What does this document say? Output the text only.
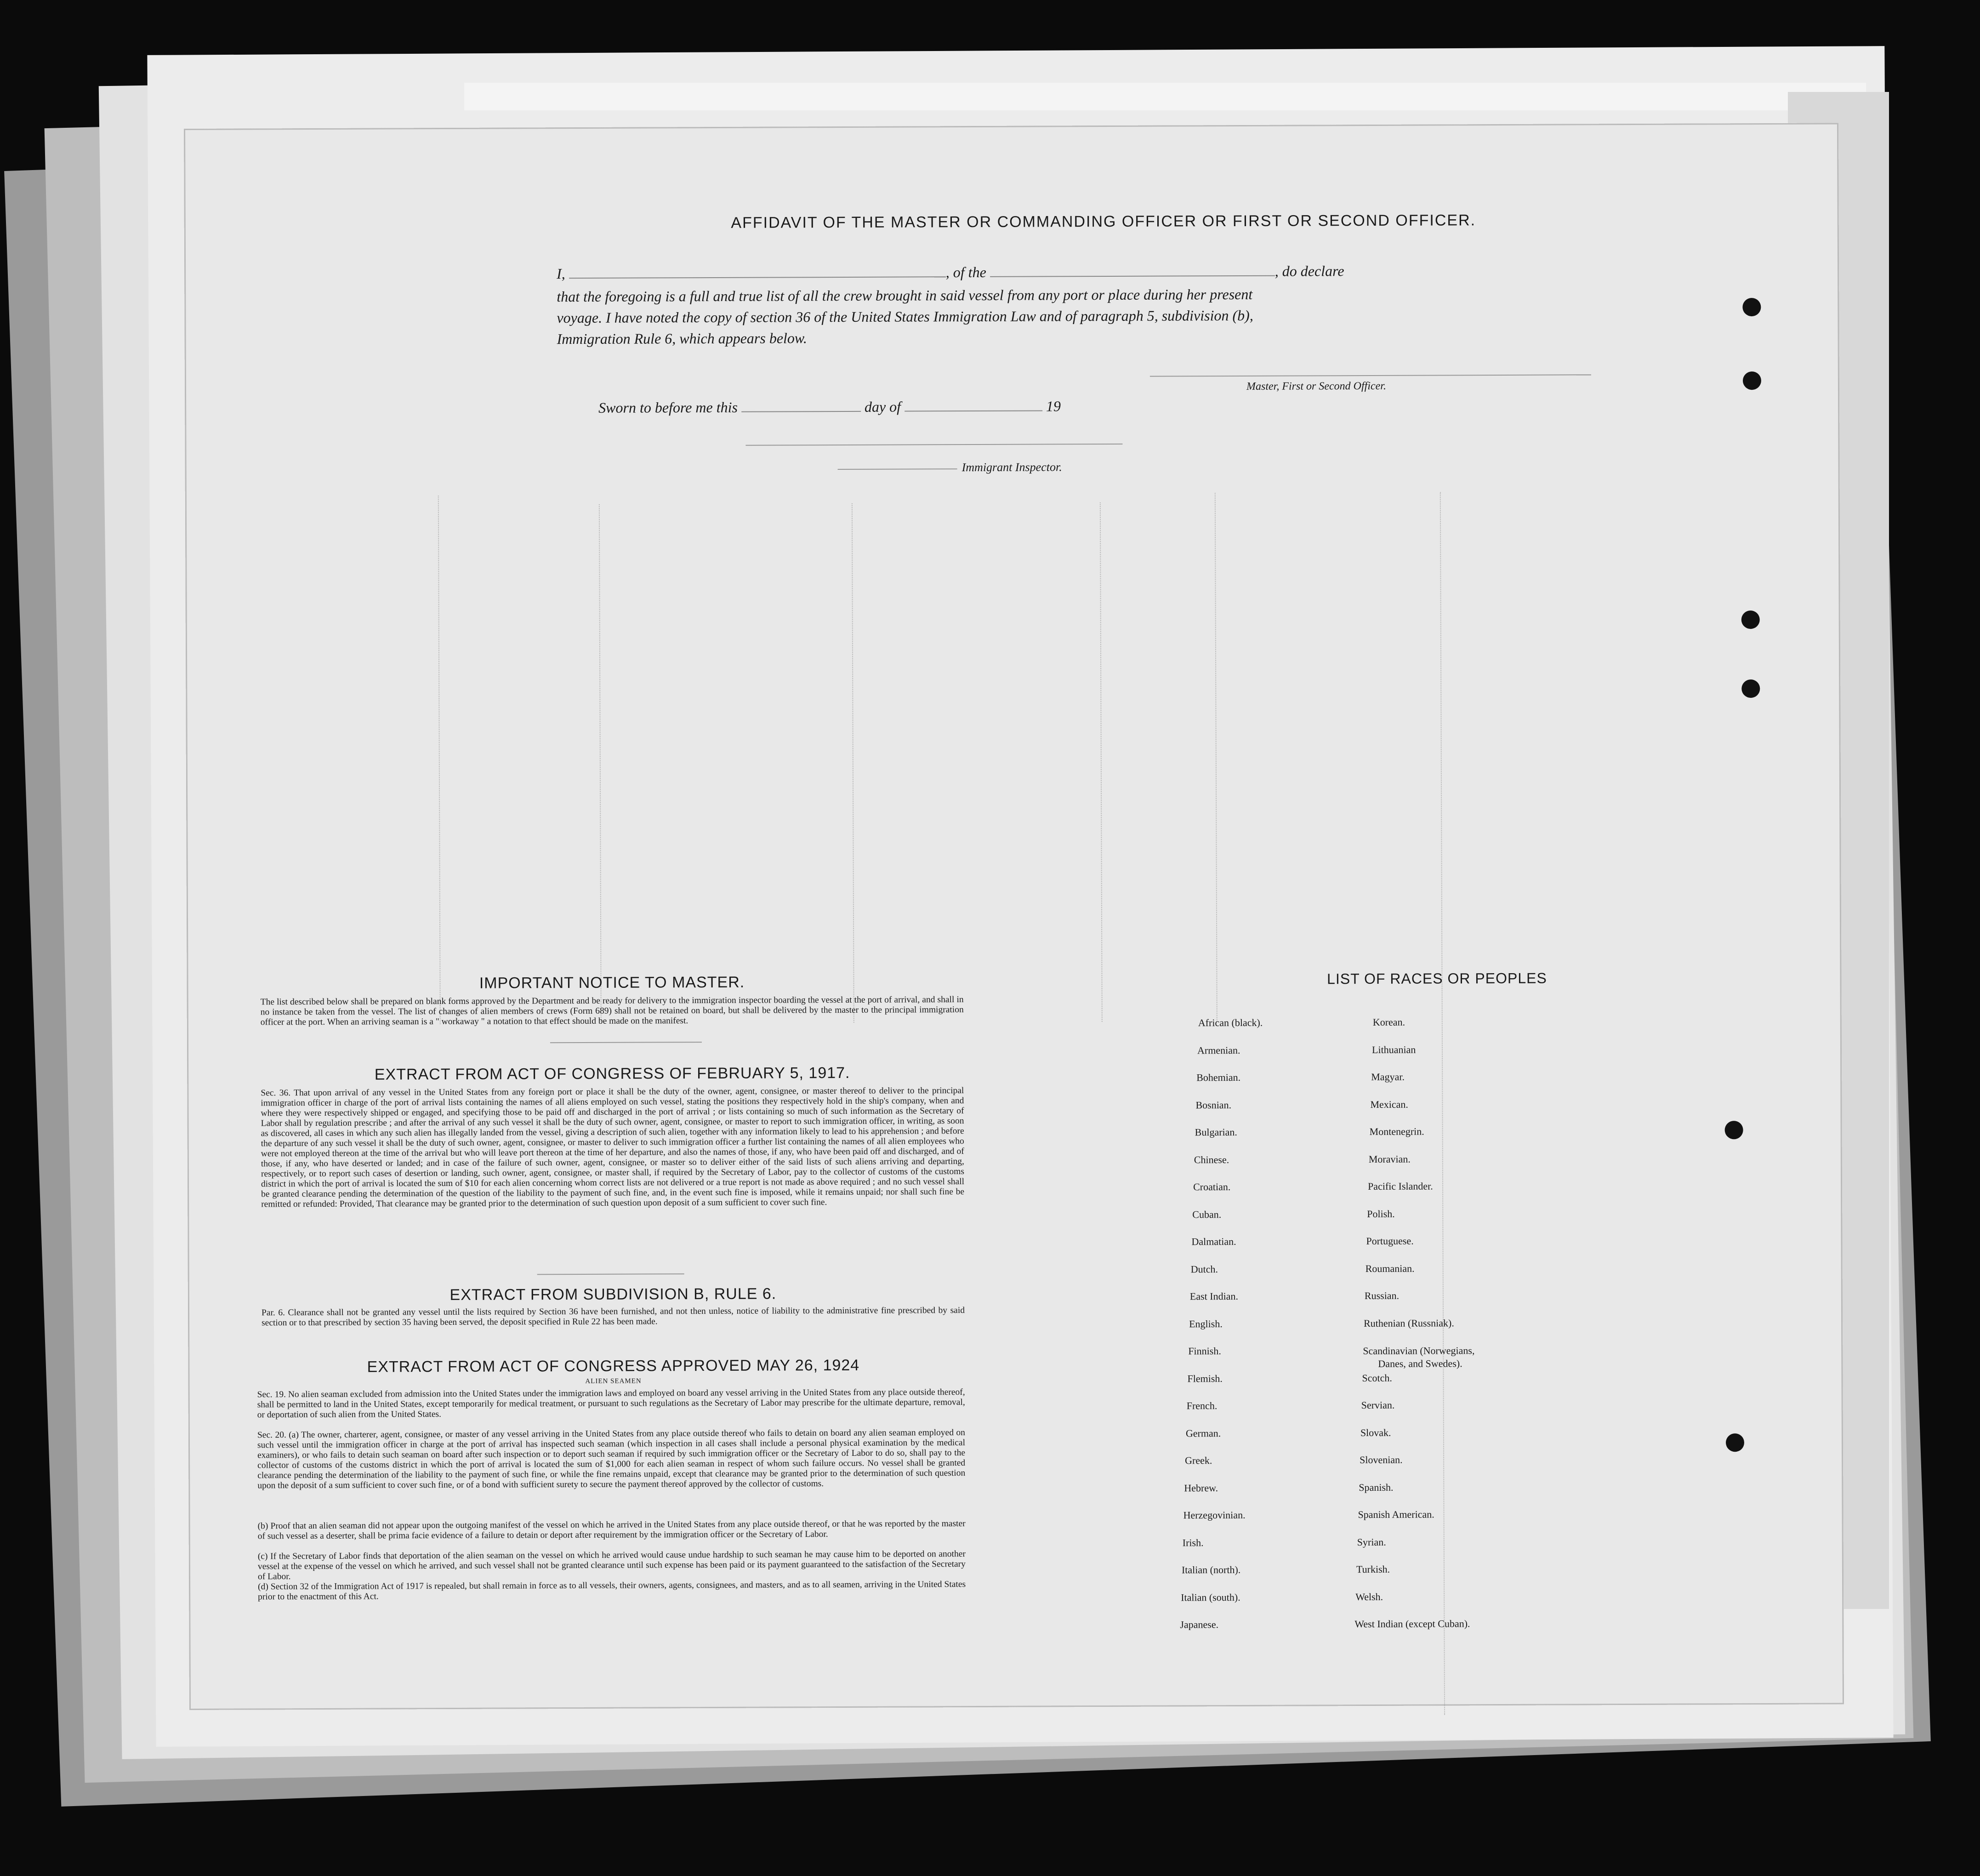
AFFIDAVIT OF THE MASTER OR COMMANDING OFFICER OR FIRST OR SECOND OFFICER.
I,	, of the	, do declare
that the foregoing is a full and true list of all the crew brought in said vessel from any port or place during her present
voyage. I have noted the copy of section 36 of the United States Immigration Law and of paragraph 5, subdivision (b),
Immigration Rule 6, which appears below.
Master, First or Second Officer.
Sworn to before me this	day of	19
Immigrant Inspector.
IMPORTANT NOTICE TO MASTER.
The list described below shall be prepared on blank forms approved by the Department and be ready for delivery to the immigration inspector boarding the vessel at the port of arrival, and shall in no instance be taken from the vessel. The list of changes of alien members of crews (Form 689) shall not be retained on board, but shall be delivered by the master to the principal immigration officer at the port. When an arriving seaman is a " workaway " a notation to that effect should be made on the manifest.
EXTRACT FROM ACT OF CONGRESS OF FEBRUARY 5, 1917.
Sec. 36. That upon arrival of any vessel in the United States from any foreign port or place it shall be the duty of the owner, agent, consignee, or master thereof to deliver to the principal immigration officer in charge of the port of arrival lists containing the names of all aliens employed on such vessel, stating the positions they respectively hold in the ship's company, when and where they were respectively shipped or engaged, and specifying those to be paid off and discharged in the port of arrival ; or lists containing so much of such information as the Secretary of Labor shall by regulation prescribe ; and after the arrival of any such vessel it shall be the duty of such owner, agent, consignee, or master to report to such immigration officer, in writing, as soon as discovered, all cases in which any such alien has illegally landed from the vessel, giving a description of such alien, together with any information likely to lead to his apprehension ; and before the departure of any such vessel it shall be the duty of such owner, agent, consignee, or master to deliver to such immigration officer a further list containing the names of all alien employees who were not employed thereon at the time of the arrival but who will leave port thereon at the time of her departure, and also the names of those, if any, who have been paid off and discharged, and of those, if any, who have deserted or landed; and in case of the failure of such owner, agent, consignee, or master so to deliver either of the said lists of such aliens arriving and departing, respectively, or to report such cases of desertion or landing, such owner, agent, consignee, or master shall, if required by the Secretary of Labor, pay to the collector of customs of the customs district in which the port of arrival is located the sum of $10 for each alien concerning whom correct lists are not delivered or a true report is not made as above required ; and no such vessel shall be granted clearance pending the determination of the question of the liability to the payment of such fine, and, in the event such fine is imposed, while it remains unpaid; nor shall such fine be remitted or refunded: Provided, That clearance may be granted prior to the determination of such question upon deposit of a sum sufficient to cover such fine.
EXTRACT FROM SUBDIVISION B, RULE 6.
Par. 6. Clearance shall not be granted any vessel until the lists required by Section 36 have been furnished, and not then unless, notice of liability to the administrative fine prescribed by said section or to that prescribed by section 35 having been served, the deposit specified in Rule 22 has been made.
EXTRACT FROM ACT OF CONGRESS APPROVED MAY 26, 1924
ALIEN SEAMEN
Sec. 19. No alien seaman excluded from admission into the United States under the immigration laws and employed on board any vessel arriving in the United States from any place outside thereof, shall be permitted to land in the United States, except temporarily for medical treatment, or pursuant to such regulations as the Secretary of Labor may prescribe for the ultimate departure, removal, or deportation of such alien from the United States.
Sec. 20. (a) The owner, charterer, agent, consignee, or master of any vessel arriving in the United States from any place outside thereof who fails to detain on board any alien seaman employed on such vessel until the immigration officer in charge at the port of arrival has inspected such seaman (which inspection in all cases shall include a personal physical examination by the medical examiners), or who fails to detain such seaman on board after such inspection or to deport such seaman if required by such immigration officer or the Secretary of Labor to do so, shall pay to the collector of customs of the customs district in which the port of arrival is located the sum of $1,000 for each alien seaman in respect of whom such failure occurs. No vessel shall be granted clearance pending the determination of the liability to the payment of such fine, or while the fine remains unpaid, except that clearance may be granted prior to the determination of such question upon the deposit of a sum sufficient to cover such fine, or of a bond with sufficient surety to secure the payment thereof approved by the collector of customs.
(b) Proof that an alien seaman did not appear upon the outgoing manifest of the vessel on which he arrived in the United States from any place outside thereof, or that he was reported by the master of such vessel as a deserter, shall be prima facie evidence of a failure to detain or deport after requirement by the immigration officer or the Secretary of Labor.
(c) If the Secretary of Labor finds that deportation of the alien seaman on the vessel on which he arrived would cause undue hardship to such seaman he may cause him to be deported on another vessel at the expense of the vessel on which he arrived, and such vessel shall not be granted clearance until such expense has been paid or its payment guaranteed to the satisfaction of the Secretary of Labor.
(d) Section 32 of the Immigration Act of 1917 is repealed, but shall remain in force as to all vessels, their owners, agents, consignees, and masters, and as to all seamen, arriving in the United States prior to the enactment of this Act.
LIST OF RACES OR PEOPLES
African (black).
Armenian.
Bohemian.
Bosnian.
Bulgarian.
Chinese.
Croatian.
Cuban.
Dalmatian.
Dutch.
East Indian.
English.
Finnish.
Flemish.
French.
German.
Greek.
Hebrew.
Herzegovinian.
Irish.
Italian (north).
Italian (south).
Japanese.
Korean.
Lithuanian
Magyar.
Mexican.
Montenegrin.
Moravian.
Pacific Islander.
Polish.
Portuguese.
Roumanian.
Russian.
Ruthenian (Russniak).
Scandinavian (Norwegians,
Danes, and Swedes).
Scotch.
Servian.
Slovak.
Slovenian.
Spanish.
Spanish American.
Syrian.
Turkish.
Welsh.
West Indian (except Cuban).
